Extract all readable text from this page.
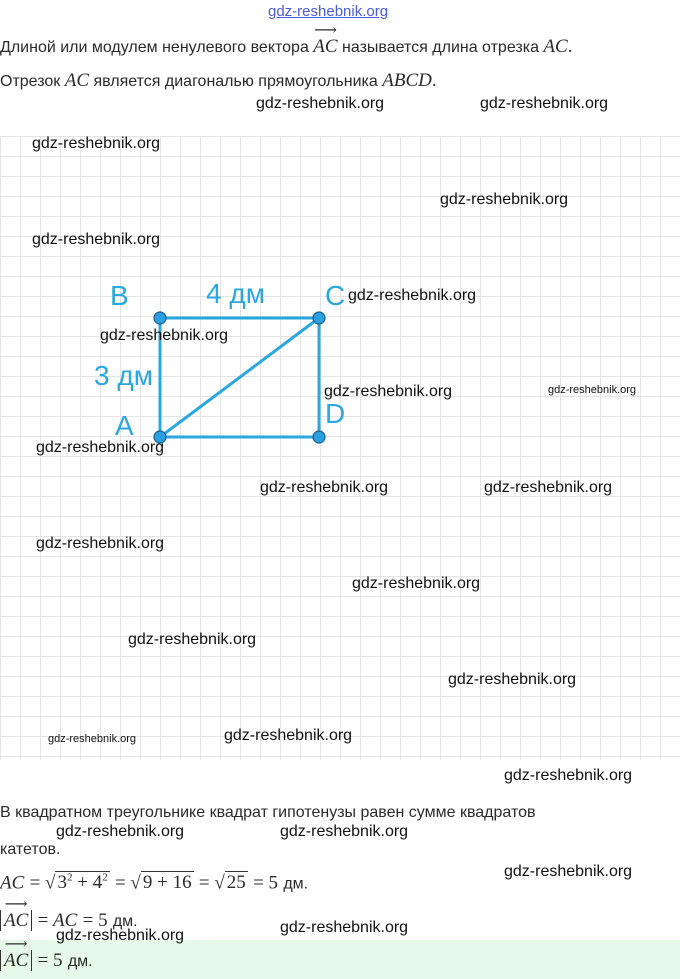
gdz-reshebnik.org
Длиной или модулем ненулевого вектора
⟶
AC называется длина отрезка AC.
Отрезок AC является диагональю прямоугольника ABCD.
B	C
D
A
4 дм
3 дм
В квадратном треугольнике квадрат гипотенузы равен сумме квадратов
катетов.
AC = √ $3^2 + 4^2$ = √ 9 + 16 = √ 25 = 5 дм.
⟶
AC = AC = 5 дм.
⟶
AC = 5 дм.
gdz-reshebnik.org	gdz-reshebnik.org
gdz-reshebnik.org
gdz-reshebnik.org
gdz-reshebnik.org
gdz-reshebnik.org
gdz-reshebnik.org
gdz-reshebnik.org	gdz-reshebnik.org
gdz-reshebnik.org
gdz-reshebnik.org	gdz-reshebnik.org
gdz-reshebnik.org
gdz-reshebnik.org
gdz-reshebnik.org
gdz-reshebnik.org
gdz-reshebnik.org	gdz-reshebnik.org
gdz-reshebnik.org
gdz-reshebnik.org	gdz-reshebnik.org
gdz-reshebnik.org
gdz-reshebnik.org	gdz-reshebnik.org
